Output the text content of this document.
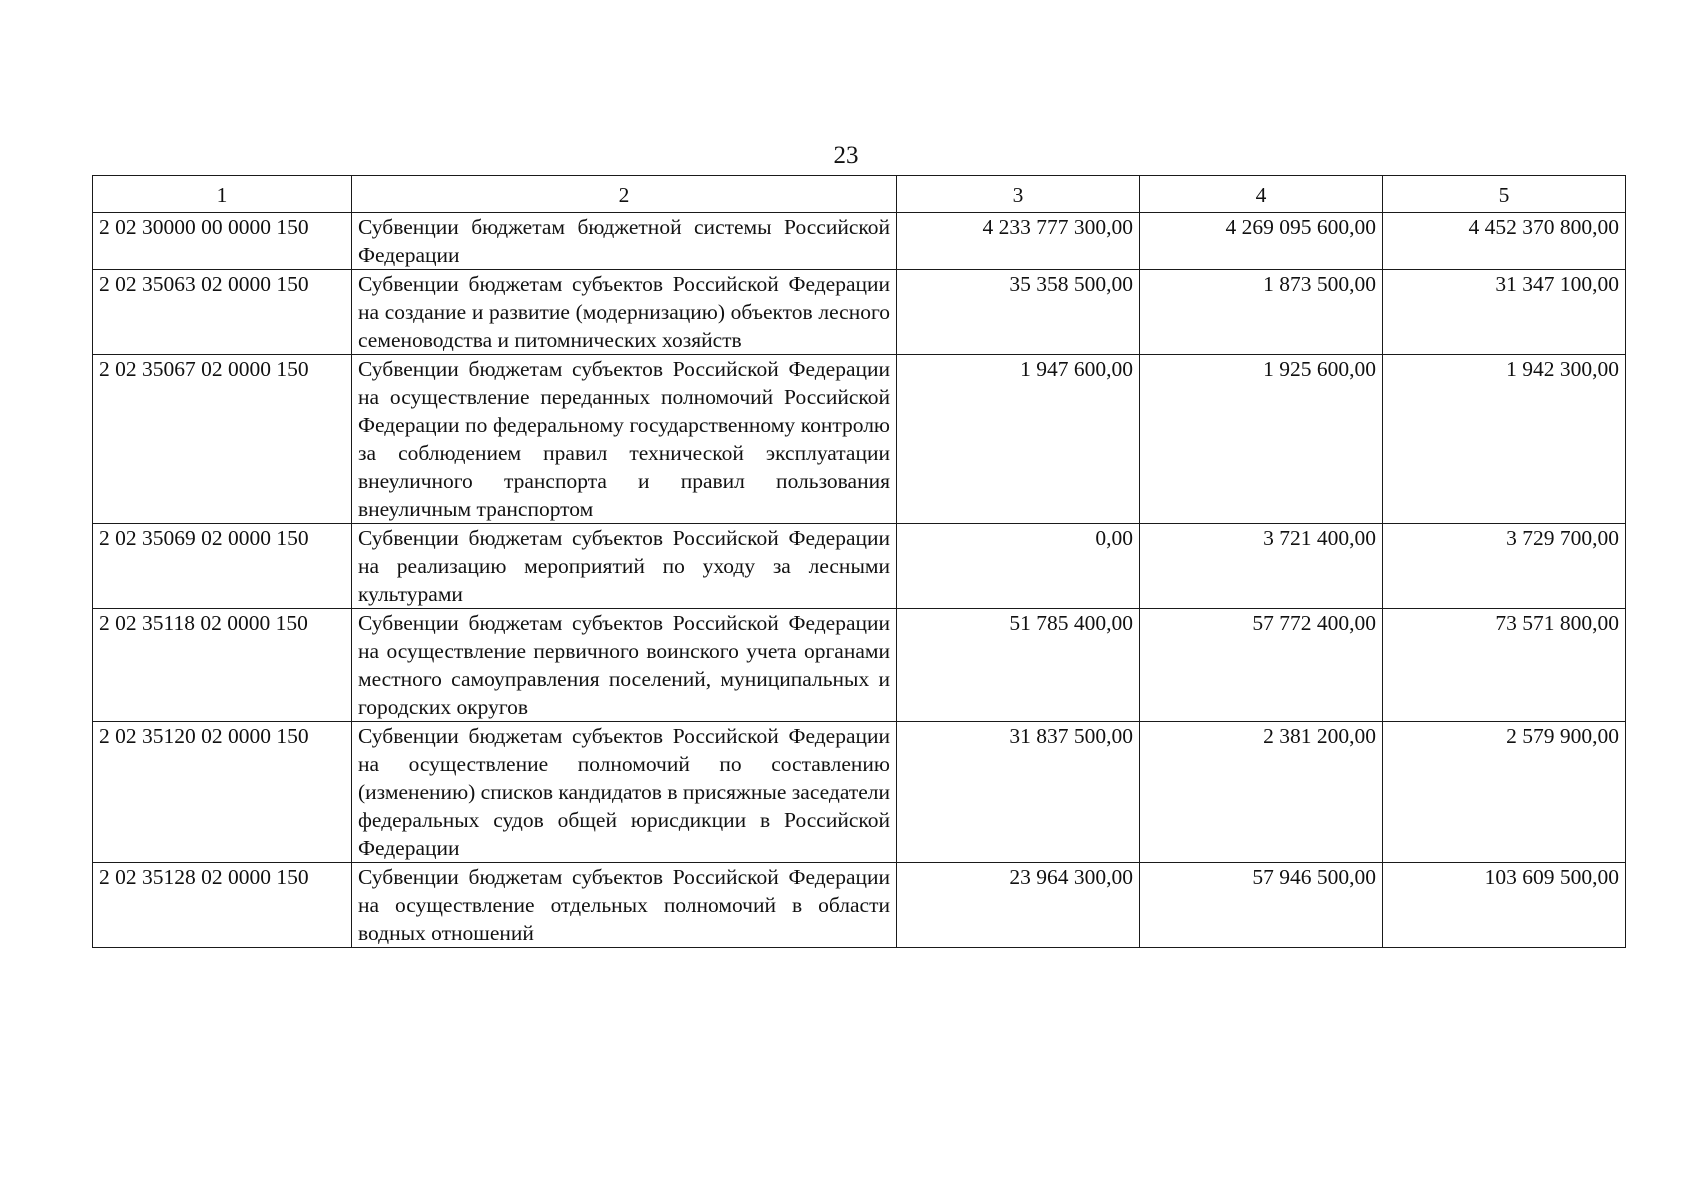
23
1	2	3	4	5
2 02 30000 00 0000 150	Субвенции бюджетам бюджетной системы Российской Федерации	4 233 777 300,00	4 269 095 600,00	4 452 370 800,00
2 02 35063 02 0000 150	Субвенции бюджетам субъектов Российской Федерации на создание и развитие (модернизацию) объектов лесного семеноводства и питомнических хозяйств	35 358 500,00	1 873 500,00	31 347 100,00
2 02 35067 02 0000 150	Субвенции бюджетам субъектов Российской Федерации на осуществление переданных полномочий Российской Федерации по федеральному государственному контролю за соблюдением правил технической эксплуатации внеуличного транспорта и правил пользования внеуличным транспортом	1 947 600,00	1 925 600,00	1 942 300,00
2 02 35069 02 0000 150	Субвенции бюджетам субъектов Российской Федерации на реализацию мероприятий по уходу за лесными культурами	0,00	3 721 400,00	3 729 700,00
2 02 35118 02 0000 150	Субвенции бюджетам субъектов Российской Федерации на осуществление первичного воинского учета органами местного самоуправления поселений, муниципальных и городских округов	51 785 400,00	57 772 400,00	73 571 800,00
2 02 35120 02 0000 150	Субвенции бюджетам субъектов Российской Федерации на осуществление полномочий по составлению (изменению) списков кандидатов в присяжные заседатели федеральных судов общей юрисдикции в Российской Федерации	31 837 500,00	2 381 200,00	2 579 900,00
2 02 35128 02 0000 150	Субвенции бюджетам субъектов Российской Федерации на осуществление отдельных полномочий в области водных отношений	23 964 300,00	57 946 500,00	103 609 500,00
